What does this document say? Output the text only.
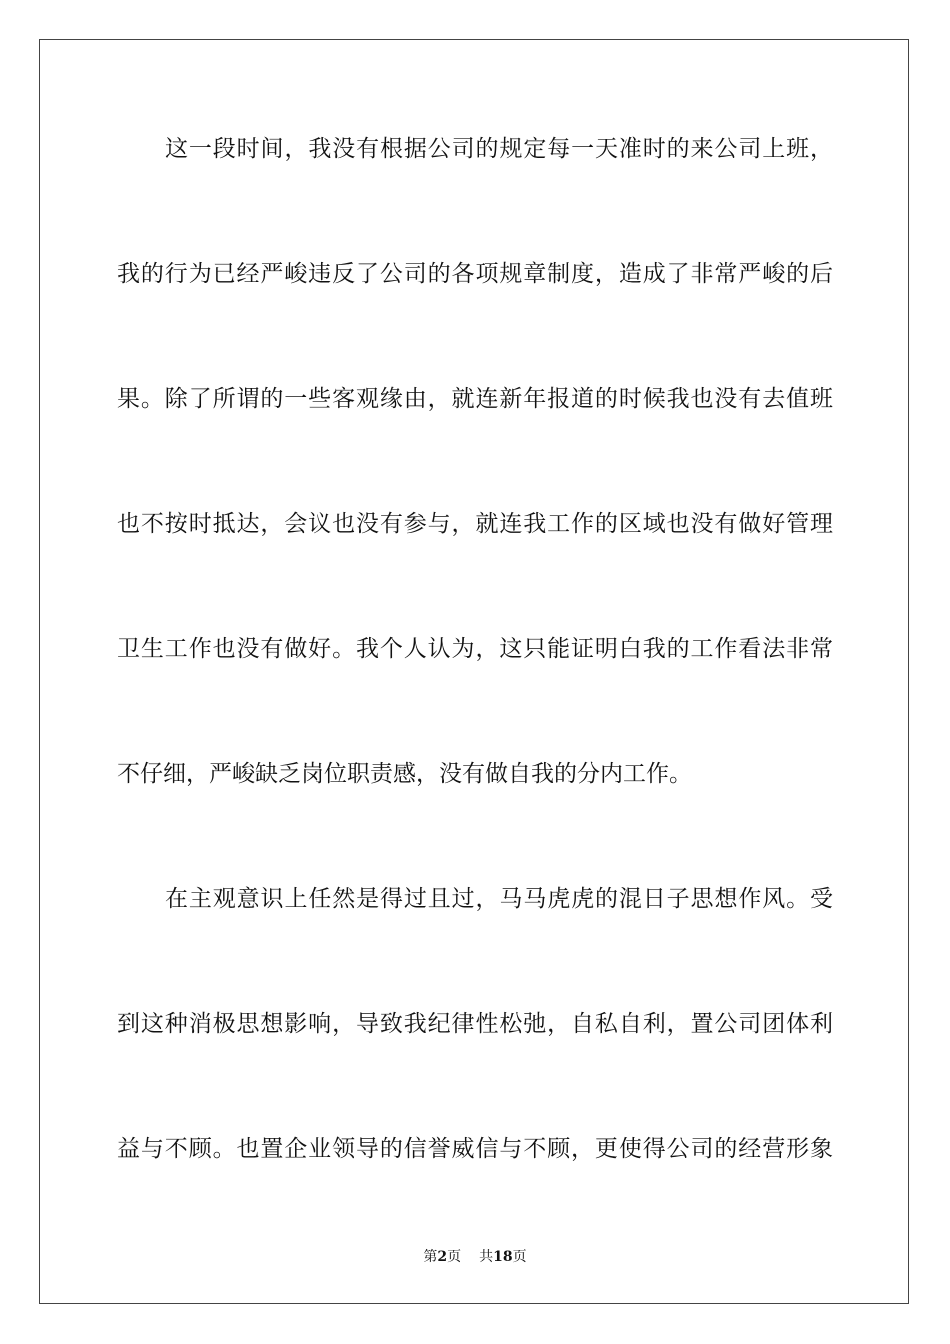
这一段时间，我没有根据公司的规定每一天准时的来公司上班，
我的行为已经严峻违反了公司的各项规章制度，造成了非常严峻的后
果。除了所谓的一些客观缘由，就连新年报道的时候我也没有去值班
也不按时抵达，会议也没有参与，就连我工作的区域也没有做好管理
卫生工作也没有做好。我个人认为，这只能证明白我的工作看法非常
不仔细，严峻缺乏岗位职责感，没有做自我的分内工作。
在主观意识上任然是得过且过，马马虎虎的混日子思想作风。受
到这种消极思想影响，导致我纪律性松弛，自私自利，置公司团体利
益与不顾。也置企业领导的信誉威信与不顾，更使得公司的经营形象
第2页 共18页
